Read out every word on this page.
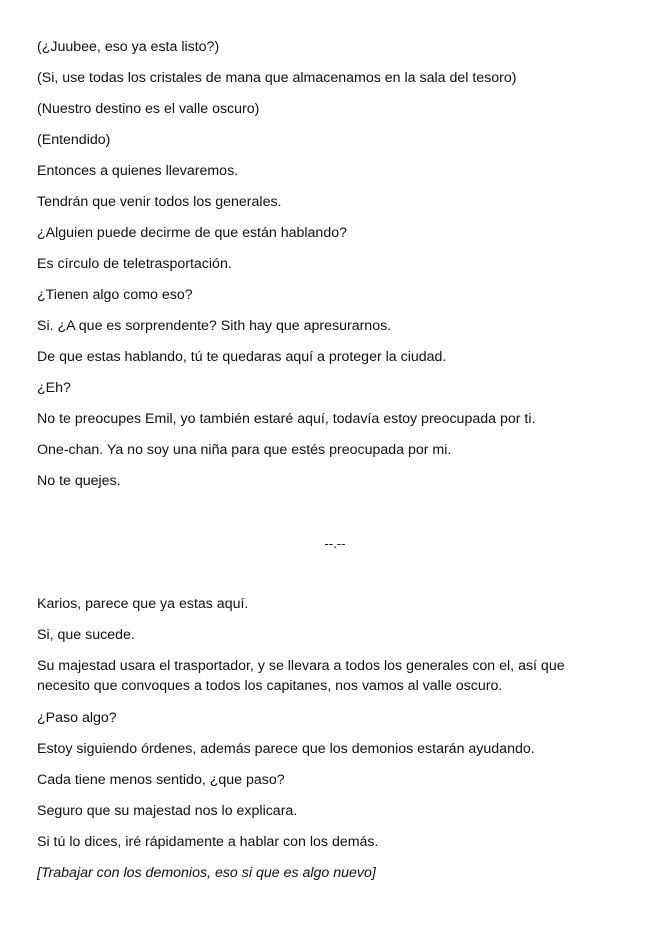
(¿Juubee, eso ya esta listo?)
(Si, use todas los cristales de mana que almacenamos en la sala del tesoro)
(Nuestro destino es el valle oscuro)
(Entendido)
Entonces a quienes llevaremos.
Tendrán que venir todos los generales.
¿Alguien puede decirme de que están hablando?
Es círculo de teletrasportación.
¿Tienen algo como eso?
Si. ¿A que es sorprendente? Sith hay que apresurarnos.
De que estas hablando, tú te quedaras aquí a proteger la ciudad.
¿Eh?
No te preocupes Emil, yo también estaré aquí, todavía estoy preocupada por ti.
One-chan. Ya no soy una niña para que estés preocupada por mi.
No te quejes.
--.--
Karios, parece que ya estas aquí.
Si, que sucede.
Su majestad usara el trasportador, y se llevara a todos los generales con el, así que necesito que convoques a todos los capitanes, nos vamos al valle oscuro.
¿Paso algo?
Estoy siguiendo órdenes, además parece que los demonios estarán ayudando.
Cada tiene menos sentido, ¿que paso?
Seguro que su majestad nos lo explicara.
Si tú lo dices, iré rápidamente a hablar con los demás.
[Trabajar con los demonios, eso si que es algo nuevo]
